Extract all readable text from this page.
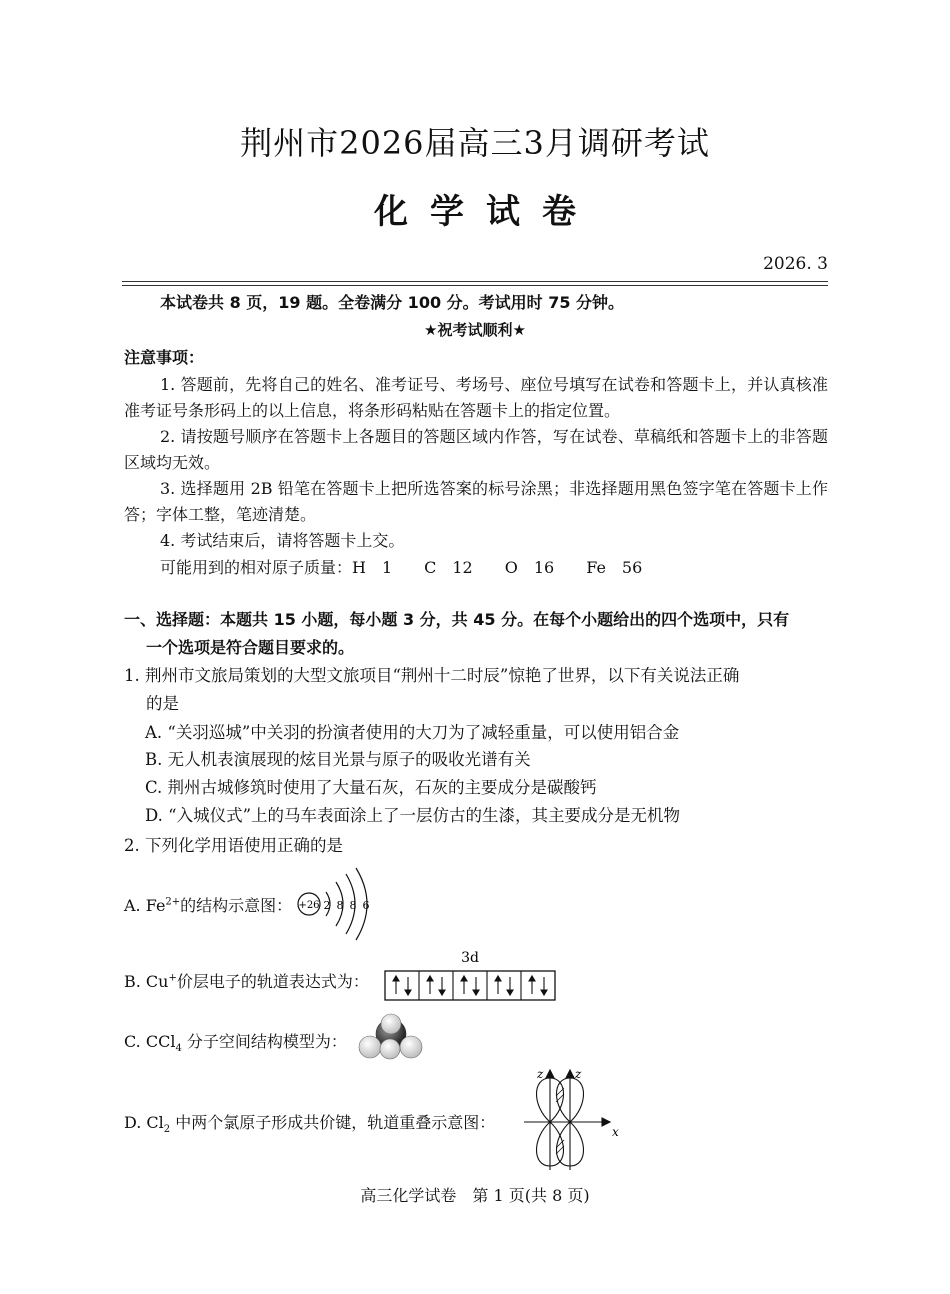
荆州市2026届高三3月调研考试
化学试卷
2026. 3
本试卷共 8 页，19 题。全卷满分 100 分。考试用时 75 分钟。
★祝考试顺利★
注意事项：
1. 答题前，先将自己的姓名、准考证号、考场号、座位号填写在试卷和答题卡上，并认真核准准考证号条形码上的以上信息，将条形码粘贴在答题卡上的指定位置。
2. 请按题号顺序在答题卡上各题目的答题区域内作答，写在试卷、草稿纸和答题卡上的非答题区域均无效。
3. 选择题用 2B 铅笔在答题卡上把所选答案的标号涂黑；非选择题用黑色签字笔在答题卡上作答；字体工整，笔迹清楚。
4. 考试结束后，请将答题卡上交。
可能用到的相对原子质量：H　1　　C　12　　O　16　　Fe　56
一、选择题：本题共 15 小题，每小题 3 分，共 45 分。在每个小题给出的四个选项中，只有
一个选项是符合题目要求的。
1. 荆州市文旅局策划的大型文旅项目“荆州十二时辰”惊艳了世界，以下有关说法正确
的是
A. “关羽巡城”中关羽的扮演者使用的大刀为了减轻重量，可以使用铝合金
B. 无人机表演展现的炫目光景与原子的吸收光谱有关
C. 荆州古城修筑时使用了大量石灰，石灰的主要成分是碳酸钙
D. “入城仪式”上的马车表面涂上了一层仿古的生漆，其主要成分是无机物
2. 下列化学用语使用正确的是
A. $Fe^{2+}$的结构示意图： +26 2 8 8 6
B. Cu+价层电子的轨道表达式为：
3d
C. CCl$_4$ 分子空间结构模型为：
D. $Cl_2$ 中两个氯原子形成共价键，轨道重叠示意图：
z	z
x
高三化学试卷　第 1 页(共 8 页)
